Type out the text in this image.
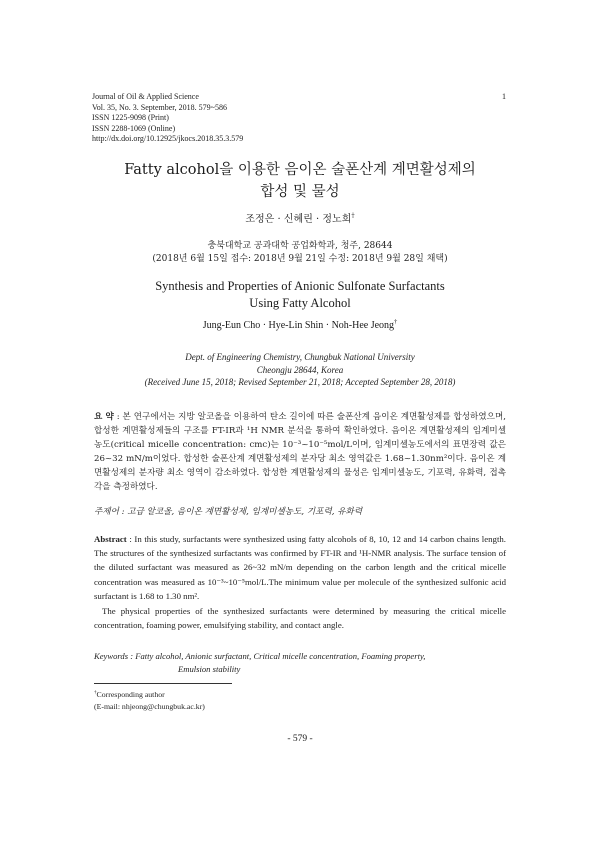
Journal of Oil & Applied Science
Vol. 35, No. 3. September, 2018. 579~586
ISSN 1225-9098 (Print)
ISSN 2288-1069 (Online)
http://dx.doi.org/10.12925/jkocs.2018.35.3.579
1
Fatty alcohol을 이용한 음이온 술폰산계 계면활성제의
합성 및 물성
조정은 · 신혜린 · 정노희†
충북대학교 공과대학 공업화학과, 청주, 28644
(2018년 6월 15일 접수: 2018년 9월 21일 수정: 2018년 9월 28일 채택)
Synthesis and Properties of Anionic Sulfonate Surfactants
Using Fatty Alcohol
Jung-Eun Cho · Hye-Lin Shin · Noh-Hee Jeong†
Dept. of Engineering Chemistry, Chungbuk National University
Cheongju 28644, Korea
(Received June 15, 2018; Revised September 21, 2018; Accepted September 28, 2018)
요 약 : 본 연구에서는 지방 알코올을 이용하여 탄소 길이에 따른 술폰산계 음이온 계면활성제를 합성하였으며, 합성한 계면활성제들의 구조를 FT-IR과 ¹H NMR 분석을 통하여 확인하였다. 음이온 계면활성제의 임계미셀농도(critical micelle concentration: cmc)는 10⁻³~10⁻⁵mol/L이며, 임계미셀농도에서의 표면장력 값은 26~32 mN/m이었다. 합성한 술폰산계 계면활성제의 분자당 최소 영역값은 1.68~1.30nm²이다. 음이온 계면활성제의 분자량 최소 영역이 감소하였다. 합성한 계면활성제의 물성은 임계미셀농도, 기포력, 유화력, 접촉각을 측정하였다.
주제어 : 고급 알코올, 음이온 계면활성제, 임계미셀농도, 기포력, 유화력

Abstract : In this study, surfactants were synthesized using fatty alcohols of 8, 10, 12 and 14 carbon chains length. The structures of the synthesized surfactants was confirmed by FT-IR and ¹H-NMR analysis. The surface tension of the diluted surfactant was measured as 26~32 mN/m depending on the carbon length and the critical micelle concentration was measured as 10⁻³~10⁻⁵mol/L.The minimum value per molecule of the synthesized sulfonic acid surfactant is 1.68 to 1.30 nm².

The physical properties of the synthesized surfactants were determined by measuring the critical micelle concentration, foaming power, emulsifying stability, and contact angle.

Keywords : Fatty alcohol, Anionic surfactant, Critical micelle concentration, Foaming property,
Emulsion stability
†Corresponding author
(E-mail: nhjeong@chungbuk.ac.kr)
- 579 -
